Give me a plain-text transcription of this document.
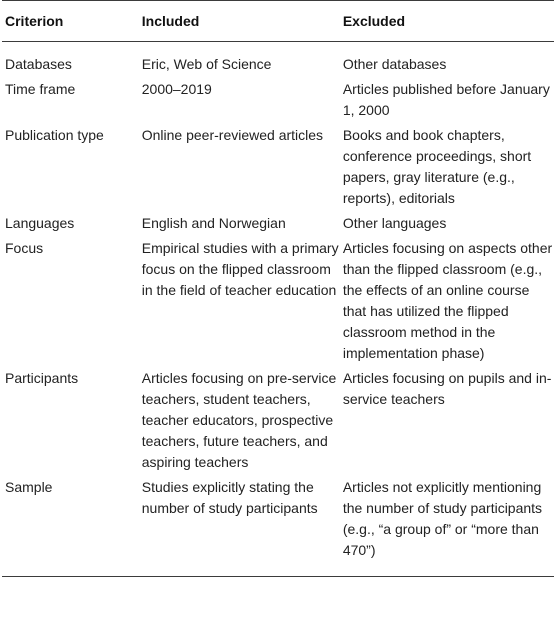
Criterion	Included	Excluded
Databases	Eric, Web of Science	Other databases
Time frame	2000–2019	Articles published before January 1, 2000
Publication type	Online peer-reviewed articles	Books and book chapters, conference proceedings, short papers, gray literature (e.g., reports), editorials
Languages	English and Norwegian	Other languages
Focus	Empirical studies with a primary focus on the flipped classroom in the field of teacher education	Articles focusing on aspects other than the flipped classroom (e.g., the effects of an online course that has utilized the flipped classroom method in the implementation phase)
Participants	Articles focusing on pre-service teachers, student teachers, teacher educators, prospective teachers, future teachers, and aspiring teachers	Articles focusing on pupils and in-service teachers
Sample	Studies explicitly stating the number of study participants	Articles not explicitly mentioning the number of study participants (e.g., “a group of” or “more than 470”)
